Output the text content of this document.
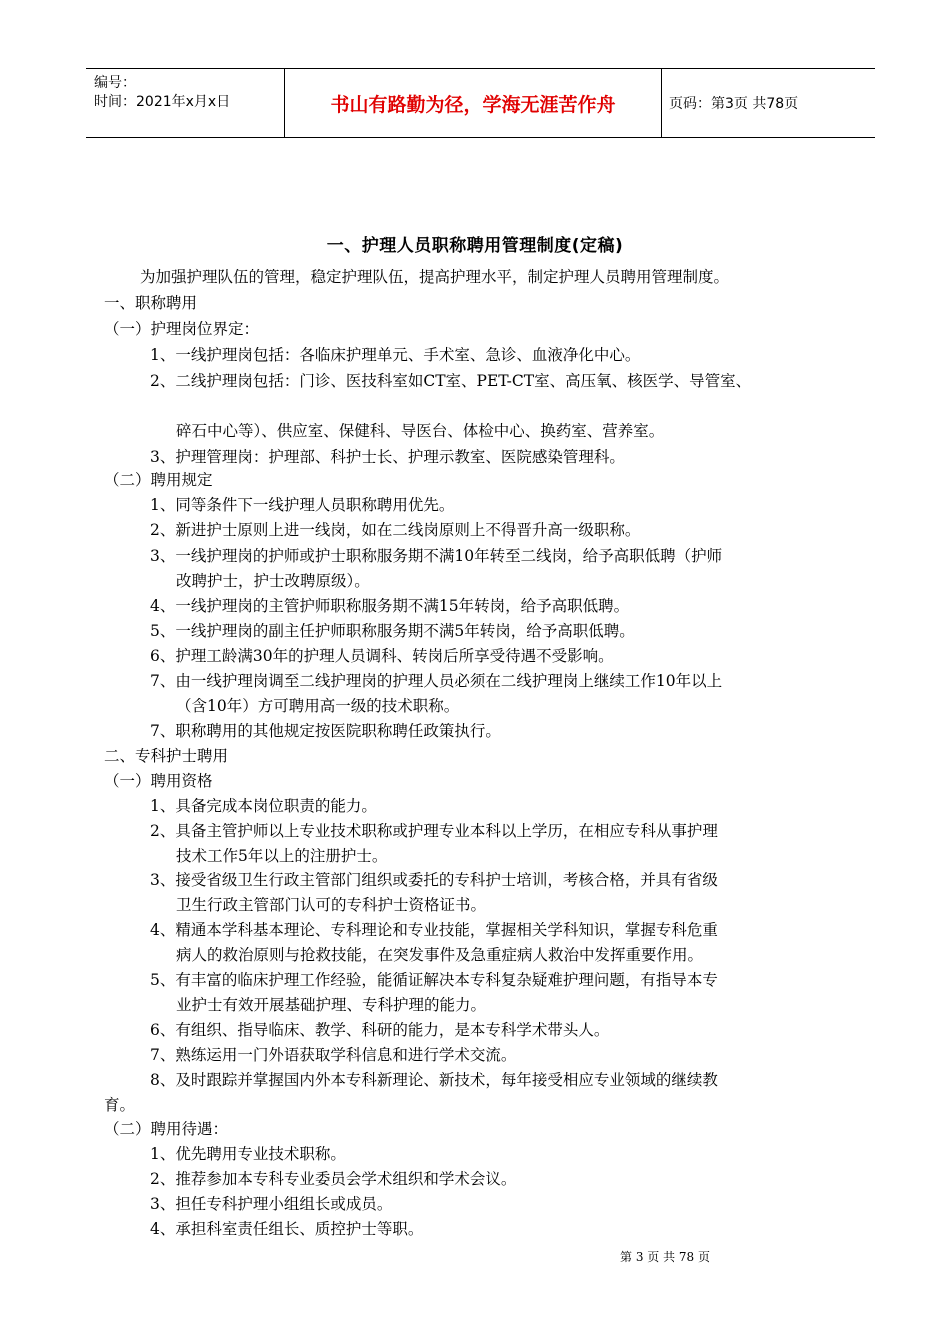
编号：
时间：2021年x月x日	书山有路勤为径，学海无涯苦作舟	页码：第3页 共78页
一、护理人员职称聘用管理制度(定稿)
为加强护理队伍的管理，稳定护理队伍，提高护理水平，制定护理人员聘用管理制度。
一、职称聘用
（一）护理岗位界定：
1、一线护理岗包括：各临床护理单元、手术室、急诊、血液净化中心。
2、二线护理岗包括：门诊、医技科室如CT室、PET-CT室、高压氧、核医学、导管室、
碎石中心等）、供应室、保健科、导医台、体检中心、换药室、营养室。
3、护理管理岗：护理部、科护士长、护理示教室、医院感染管理科。
（二）聘用规定
1、同等条件下一线护理人员职称聘用优先。
2、新进护士原则上进一线岗，如在二线岗原则上不得晋升高一级职称。
3、一线护理岗的护师或护士职称服务期不满10年转至二线岗，给予高职低聘（护师
改聘护士，护士改聘原级）。
4、一线护理岗的主管护师职称服务期不满15年转岗，给予高职低聘。
5、一线护理岗的副主任护师职称服务期不满5年转岗，给予高职低聘。
6、护理工龄满30年的护理人员调科、转岗后所享受待遇不受影响。
7、由一线护理岗调至二线护理岗的护理人员必须在二线护理岗上继续工作10年以上
（含10年）方可聘用高一级的技术职称。
7、职称聘用的其他规定按医院职称聘任政策执行。
二、专科护士聘用
（一）聘用资格
1、具备完成本岗位职责的能力。
2、具备主管护师以上专业技术职称或护理专业本科以上学历，在相应专科从事护理
技术工作5年以上的注册护士。
3、接受省级卫生行政主管部门组织或委托的专科护士培训，考核合格，并具有省级
卫生行政主管部门认可的专科护士资格证书。
4、精通本学科基本理论、专科理论和专业技能，掌握相关学科知识，掌握专科危重
病人的救治原则与抢救技能，在突发事件及急重症病人救治中发挥重要作用。
5、有丰富的临床护理工作经验，能循证解决本专科复杂疑难护理问题，有指导本专
业护士有效开展基础护理、专科护理的能力。
6、有组织、指导临床、教学、科研的能力，是本专科学术带头人。
7、熟练运用一门外语获取学科信息和进行学术交流。
8、及时跟踪并掌握国内外本专科新理论、新技术，每年接受相应专业领域的继续教
育。
（二）聘用待遇：
1、优先聘用专业技术职称。
2、推荐参加本专科专业委员会学术组织和学术会议。
3、担任专科护理小组组长或成员。
4、承担科室责任组长、质控护士等职。
第 3 页 共 78 页
